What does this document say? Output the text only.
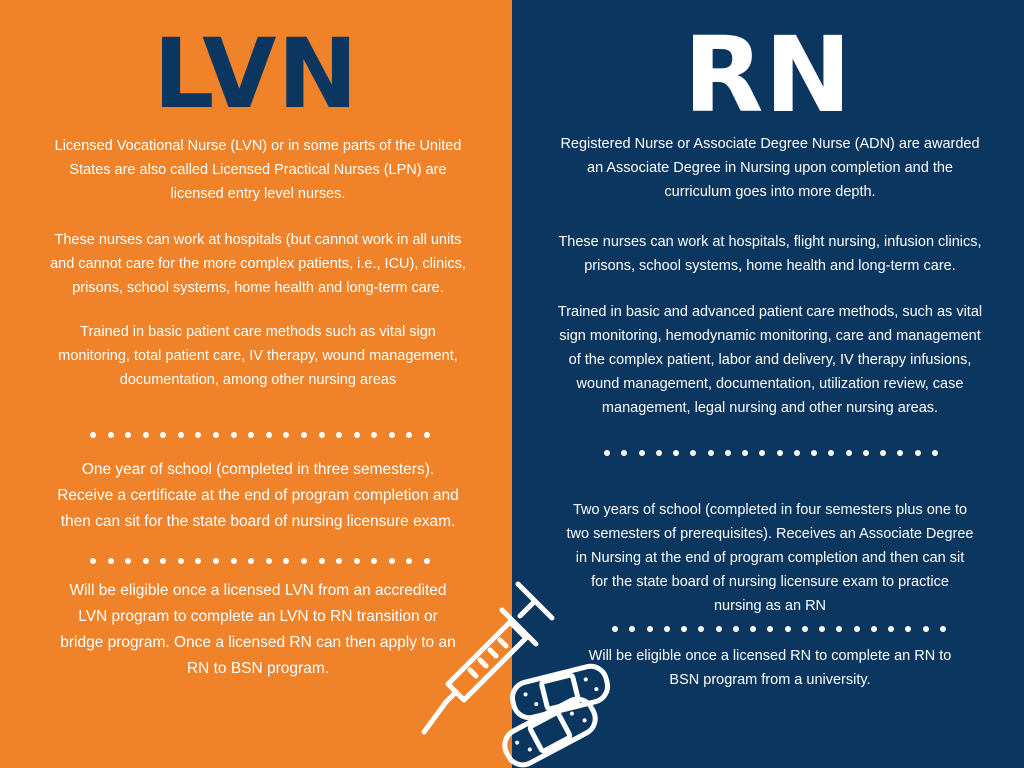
LVN
Licensed Vocational Nurse (LVN) or in some parts of the United
States are also called Licensed Practical Nurses (LPN) are
licensed entry level nurses.
These nurses can work at hospitals (but cannot work in all units
and cannot care for the more complex patients, i.e., ICU), clinics,
prisons, school systems, home health and long-term care.
Trained in basic patient care methods such as vital sign
monitoring, total patient care, IV therapy, wound management,
documentation, among other nursing areas
One year of school (completed in three semesters).
Receive a certificate at the end of program completion and
then can sit for the state board of nursing licensure exam.
Will be eligible once a licensed LVN from an accredited
LVN program to complete an LVN to RN transition or
bridge program. Once a licensed RN can then apply to an
RN to BSN program.
RN
Registered Nurse or Associate Degree Nurse (ADN) are awarded
an Associate Degree in Nursing upon completion and the
curriculum goes into more depth.
These nurses can work at hospitals, flight nursing, infusion clinics,
prisons, school systems, home health and long-term care.
Trained in basic and advanced patient care methods, such as vital
sign monitoring, hemodynamic monitoring, care and management
of the complex patient, labor and delivery, IV therapy infusions,
wound management, documentation, utilization review, case
management, legal nursing and other nursing areas.
Two years of school (completed in four semesters plus one to
two semesters of prerequisites). Receives an Associate Degree
in Nursing at the end of program completion and then can sit
for the state board of nursing licensure exam to practice
nursing as an RN
Will be eligible once a licensed RN to complete an RN to
BSN program from a university.
